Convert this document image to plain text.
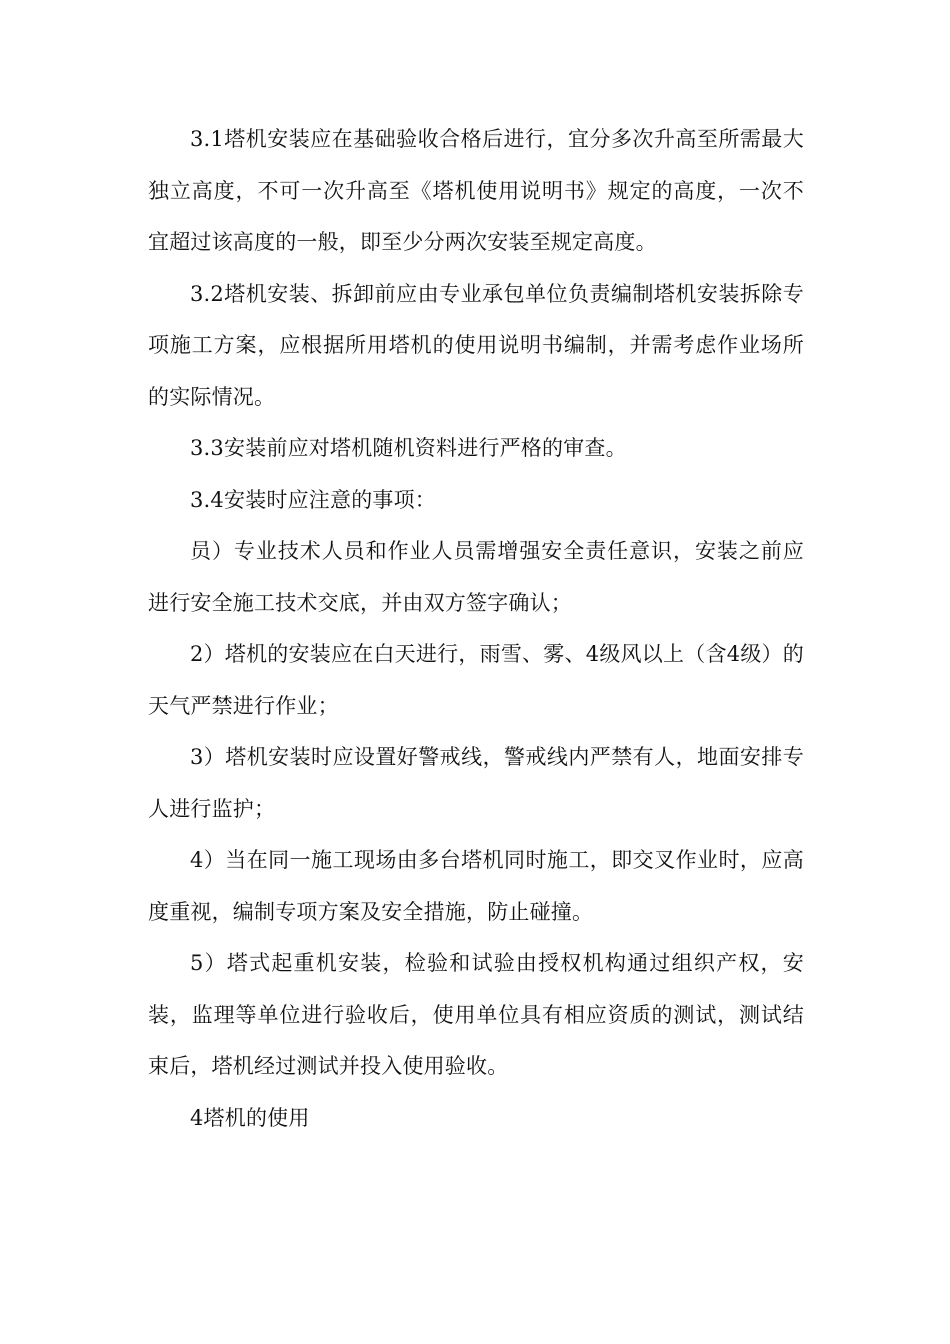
3.1塔机安装应在基础验收合格后进行，宜分多次升高至所需最大独立高度，不可一次升高至《塔机使用说明书》规定的高度，一次不宜超过该高度的一般，即至少分两次安装至规定高度。

3.2塔机安装、拆卸前应由专业承包单位负责编制塔机安装拆除专项施工方案，应根据所用塔机的使用说明书编制，并需考虑作业场所的实际情况。

3.3安装前应对塔机随机资料进行严格的审查。

3.4安装时应注意的事项：

员）专业技术人员和作业人员需增强安全责任意识，安装之前应进行安全施工技术交底，并由双方签字确认；

2）塔机的安装应在白天进行，雨雪、雾、4级风以上（含4级）的天气严禁进行作业；

3）塔机安装时应设置好警戒线，警戒线内严禁有人，地面安排专人进行监护；

4）当在同一施工现场由多台塔机同时施工，即交叉作业时，应高度重视，编制专项方案及安全措施，防止碰撞。

5）塔式起重机安装，检验和试验由授权机构通过组织产权，安装，监理等单位进行验收后，使用单位具有相应资质的测试，测试结束后，塔机经过测试并投入使用验收。

4塔机的使用
